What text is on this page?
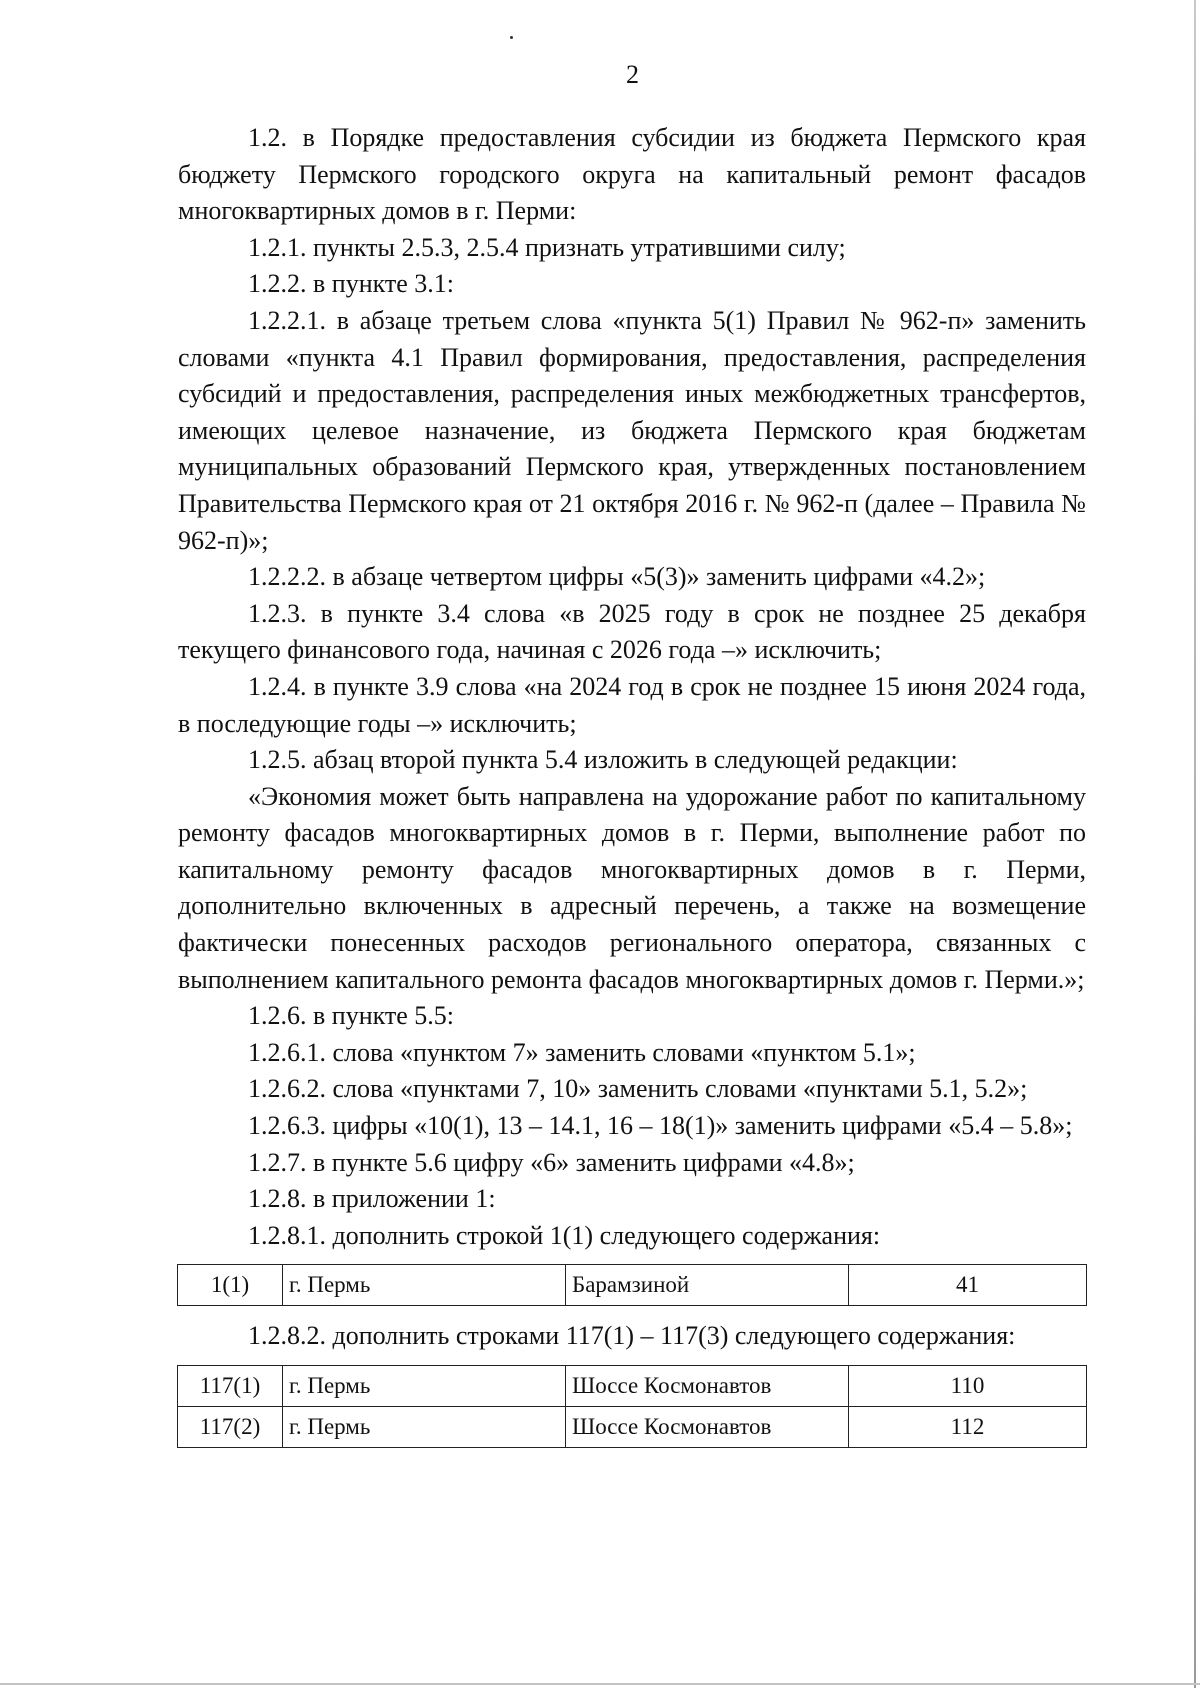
2

1.2. в Порядке предоставления субсидии из бюджета Пермского края бюджету Пермского городского округа на капитальный ремонт фасадов многоквартирных домов в г. Перми:

1.2.1. пункты 2.5.3, 2.5.4 признать утратившими силу;

1.2.2. в пункте 3.1:

1.2.2.1. в абзаце третьем слова «пункта 5(1) Правил № 962-п» заменить словами «пункта 4.1 Правил формирования, предоставления, распределения субсидий и предоставления, распределения иных межбюджетных трансфертов, имеющих целевое назначение, из бюджета Пермского края бюджетам муниципальных образований Пермского края, утвержденных постановлением Правительства Пермского края от 21 октября 2016 г. № 962-п (далее – Правила № 962-п)»;

1.2.2.2. в абзаце четвертом цифры «5(3)» заменить цифрами «4.2»;

1.2.3. в пункте 3.4 слова «в 2025 году в срок не позднее 25 декабря текущего финансового года, начиная с 2026 года –» исключить;

1.2.4. в пункте 3.9 слова «на 2024 год в срок не позднее 15 июня 2024 года, в последующие годы –» исключить;

1.2.5. абзац второй пункта 5.4 изложить в следующей редакции:

«Экономия может быть направлена на удорожание работ по капитальному ремонту фасадов многоквартирных домов в г. Перми, выполнение работ по капитальному ремонту фасадов многоквартирных домов в г. Перми, дополнительно включенных в адресный перечень, а также на возмещение фактически понесенных расходов регионального оператора, связанных с выполнением капитального ремонта фасадов многоквартирных домов г. Перми.»;

1.2.6. в пункте 5.5:

1.2.6.1. слова «пунктом 7» заменить словами «пунктом 5.1»;

1.2.6.2. слова «пунктами 7, 10» заменить словами «пунктами 5.1, 5.2»;

1.2.6.3. цифры «10(1), 13 – 14.1, 16 – 18(1)» заменить цифрами «5.4 – 5.8»;

1.2.7. в пункте 5.6 цифру «6» заменить цифрами «4.8»;

1.2.8. в приложении 1:

1.2.8.1. дополнить строкой 1(1) следующего содержания:

1(1)	г. Пермь	Барамзиной	41

1.2.8.2. дополнить строками 117(1) – 117(3) следующего содержания:

117(1)	г. Пермь	Шоссе Космонавтов	110
117(2)	г. Пермь	Шоссе Космонавтов	112
